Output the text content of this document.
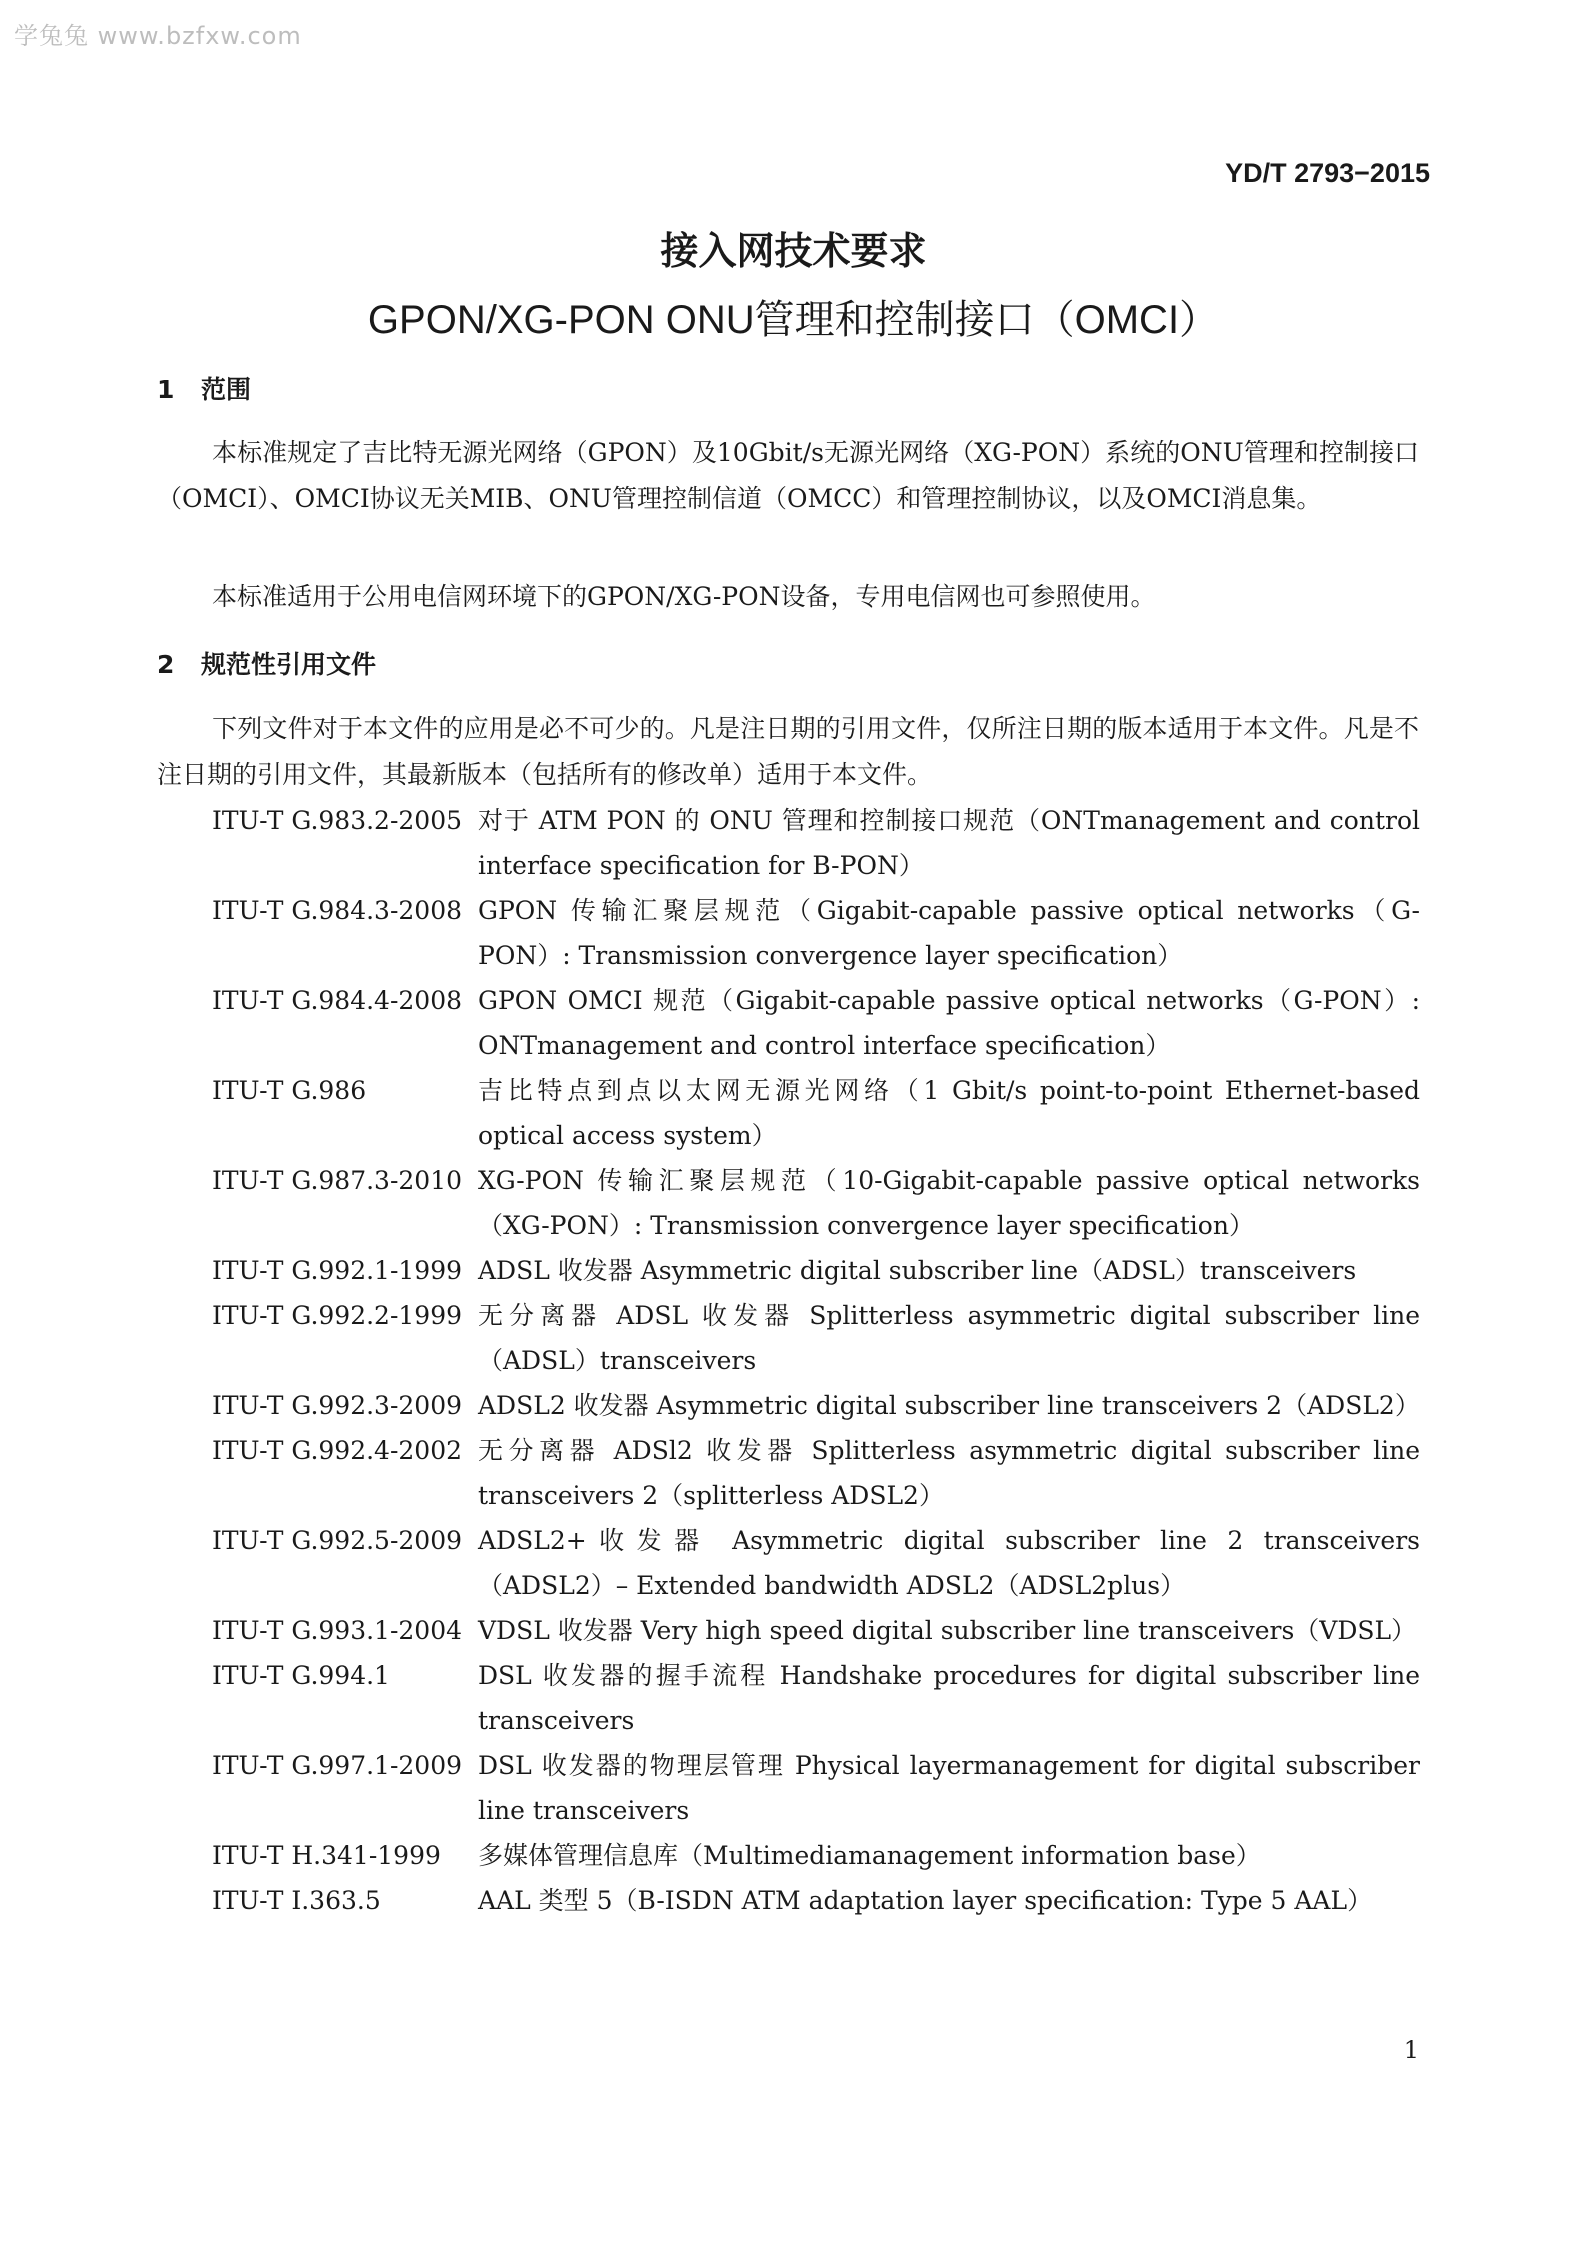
学兔兔 www.bzfxw.com
YD/T 2793−2015
接入网技术要求
GPON/XG-PON ONU管理和控制接口（OMCI）
1 范围
本标准规定了吉比特无源光网络（GPON）及10Gbit/s无源光网络（XG-PON）系统的ONU管理和控制接口（OMCI）、OMCI协议无关MIB、ONU管理控制信道（OMCC）和管理控制协议，以及OMCI消息集。
本标准适用于公用电信网环境下的GPON/XG-PON设备，专用电信网也可参照使用。
2 规范性引用文件
下列文件对于本文件的应用是必不可少的。凡是注日期的引用文件，仅所注日期的版本适用于本文件。凡是不注日期的引用文件，其最新版本（包括所有的修改单）适用于本文件。
ITU-T G.983.2-2005 对于 ATM PON 的 ONU 管理和控制接口规范（ONTmanagement and control interface specification for B-PON）
ITU-T G.984.3-2008 GPON 传输汇聚层规范（Gigabit-capable passive optical networks（G-PON）: Transmission convergence layer specification）
ITU-T G.984.4-2008 GPON OMCI 规范（Gigabit-capable passive optical networks（G-PON）: ONTmanagement and control interface specification）
ITU-T G.986	吉比特点到点以太网无源光网络（1 Gbit/s point-to-point Ethernet-based optical access system）
ITU-T G.987.3-2010 XG-PON 传输汇聚层规范（10-Gigabit-capable passive optical networks（XG-PON）: Transmission convergence layer specification）
ITU-T G.992.1-1999 ADSL 收发器 Asymmetric digital subscriber line（ADSL）transceivers
ITU-T G.992.2-1999 无分离器 ADSL 收发器 Splitterless asymmetric digital subscriber line（ADSL）transceivers
ITU-T G.992.3-2009 ADSL2 收发器 Asymmetric digital subscriber line transceivers 2（ADSL2）
ITU-T G.992.4-2002 无分离器 ADSl2 收发器 Splitterless asymmetric digital subscriber line transceivers 2（splitterless ADSL2）
ITU-T G.992.5-2009 ADSL2+收发器 Asymmetric digital subscriber line 2 transceivers（ADSL2）– Extended bandwidth ADSL2（ADSL2plus）
ITU-T G.993.1-2004 VDSL 收发器 Very high speed digital subscriber line transceivers（VDSL）
ITU-T G.994.1	DSL 收发器的握手流程 Handshake procedures for digital subscriber line transceivers
ITU-T G.997.1-2009 DSL 收发器的物理层管理 Physical layermanagement for digital subscriber line transceivers
ITU-T H.341-1999	多媒体管理信息库（Multimediamanagement information base）
ITU-T I.363.5	AAL 类型 5（B-ISDN ATM adaptation layer specification: Type 5 AAL）
1
